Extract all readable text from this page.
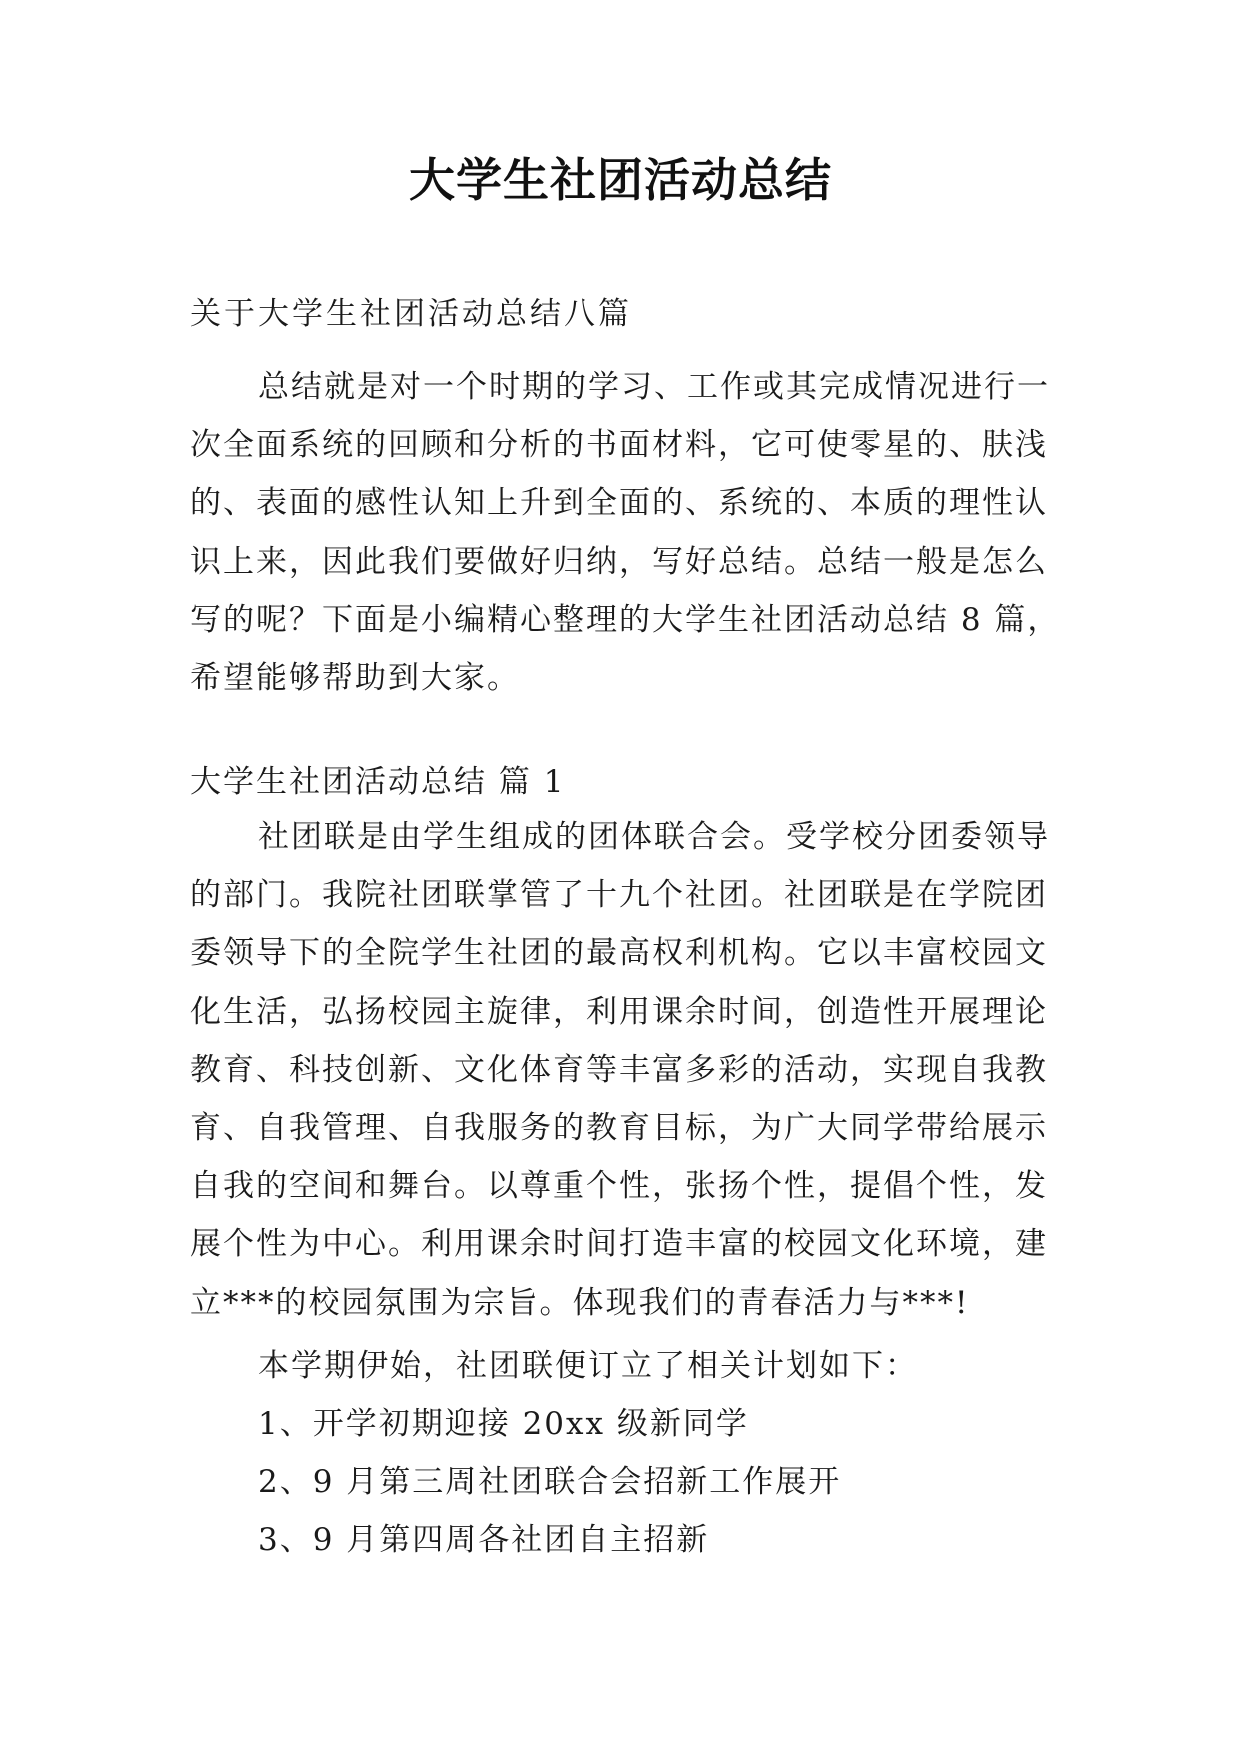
大学生社团活动总结
关于大学生社团活动总结八篇
总结就是对一个时期的学习、工作或其完成情况进行一
次全面系统的回顾和分析的书面材料，它可使零星的、肤浅
的、表面的感性认知上升到全面的、系统的、本质的理性认
识上来，因此我们要做好归纳，写好总结。总结一般是怎么
写的呢？下面是小编精心整理的大学生社团活动总结 8 篇，
希望能够帮助到大家。
大学生社团活动总结 篇 1
社团联是由学生组成的团体联合会。受学校分团委领导
的部门。我院社团联掌管了十九个社团。社团联是在学院团
委领导下的全院学生社团的最高权利机构。它以丰富校园文
化生活，弘扬校园主旋律，利用课余时间，创造性开展理论
教育、科技创新、文化体育等丰富多彩的活动，实现自我教
育、自我管理、自我服务的教育目标，为广大同学带给展示
自我的空间和舞台。以尊重个性，张扬个性，提倡个性，发
展个性为中心。利用课余时间打造丰富的校园文化环境，建
立***的校园氛围为宗旨。体现我们的青春活力与***!
本学期伊始，社团联便订立了相关计划如下：
1、开学初期迎接 20xx 级新同学
2、9 月第三周社团联合会招新工作展开
3、9 月第四周各社团自主招新
